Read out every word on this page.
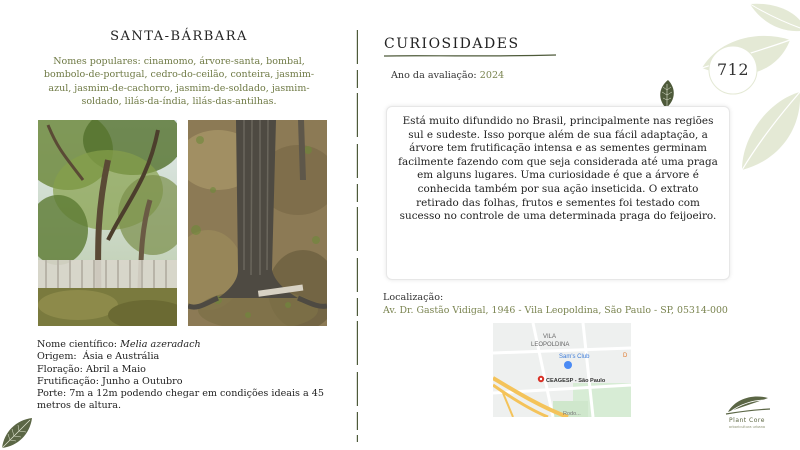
712
SANTA-BÁRBARA
Nomes populares: cinamomo, árvore-santa, bombal, bombolo-de-portugal, cedro-do-ceilão, conteira, jasmim-azul, jasmim-de-cachorro, jasmim-de-soldado, jasmim-soldado, lilás-da-índia, lilás-das-antilhas.
Nome científico: Melia azeradach
Origem:  Ásia e Austrália
Floração: Abril a Maio
Frutificação: Junho a Outubro
Porte: 7m a 12m podendo chegar em condições ideais a 45 metros de altura.
CURIOSIDADES
Ano da avaliação: 2024

Está muito difundido no Brasil, principalmente nas regiões sul e sudeste. Isso porque além de sua fácil adaptação, a árvore tem frutificação intensa e as sementes germinam facilmente fazendo com que seja considerada até uma praga em alguns lugares. Uma curiosidade é que a árvore é conhecida também por sua ação inseticida. O extrato retirado das folhas, frutos e sementes foi testado com sucesso no controle de uma determinada praga do feijoeiro.

Localização:
Av. Dr. Gastão Vidigal, 1946 - Vila Leopoldina, São Paulo - SP, 05314-000
VILA
LEOPOLDINA
Sam's Club
CEAGESP - São Paulo
Rodo...
D
Plant Core
arboricultura urbana
